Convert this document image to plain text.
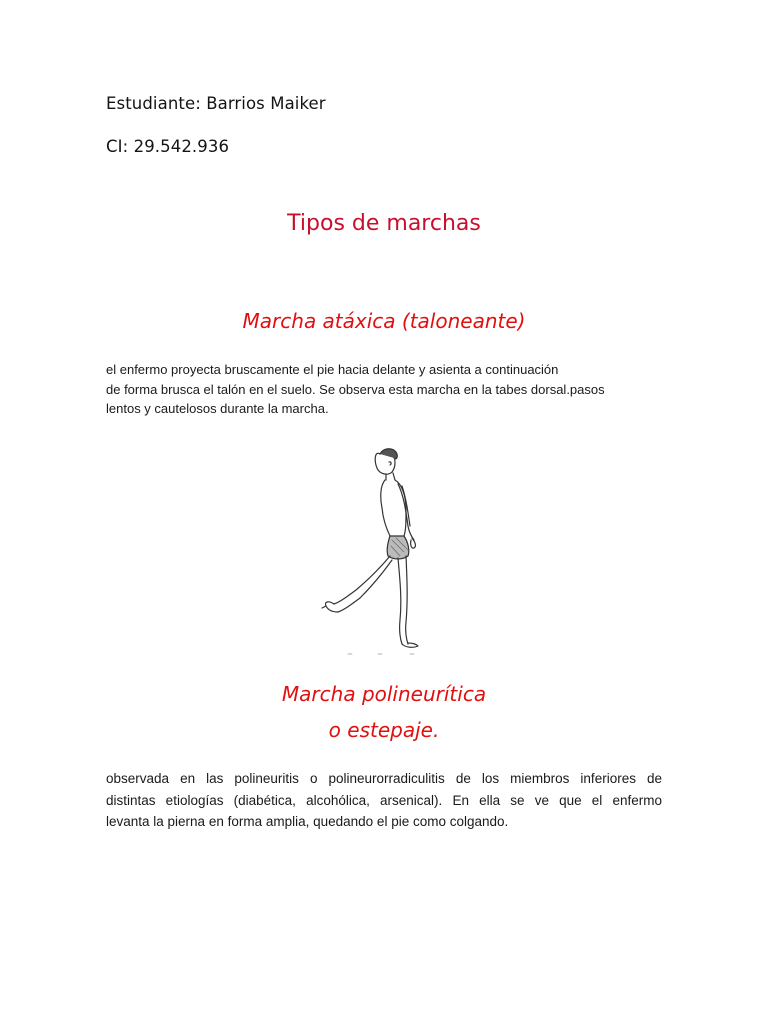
Estudiante: Barrios Maiker
CI: 29.542.936
Tipos de marchas
Marcha atáxica (taloneante)
el enfermo proyecta bruscamente el pie hacia delante y asienta a continuación
de forma brusca el talón en el suelo. Se observa esta marcha en la tabes dorsal.pasos
lentos y cautelosos durante la marcha.
Marcha polineurítica
o estepaje.
observada en las polineuritis o polineurorradiculitis de los miembros inferiores de
distintas etiologías (diabética, alcohólica, arsenical). En ella se ve que el enfermo
levanta la pierna en forma amplia, quedando el pie como colgando.
